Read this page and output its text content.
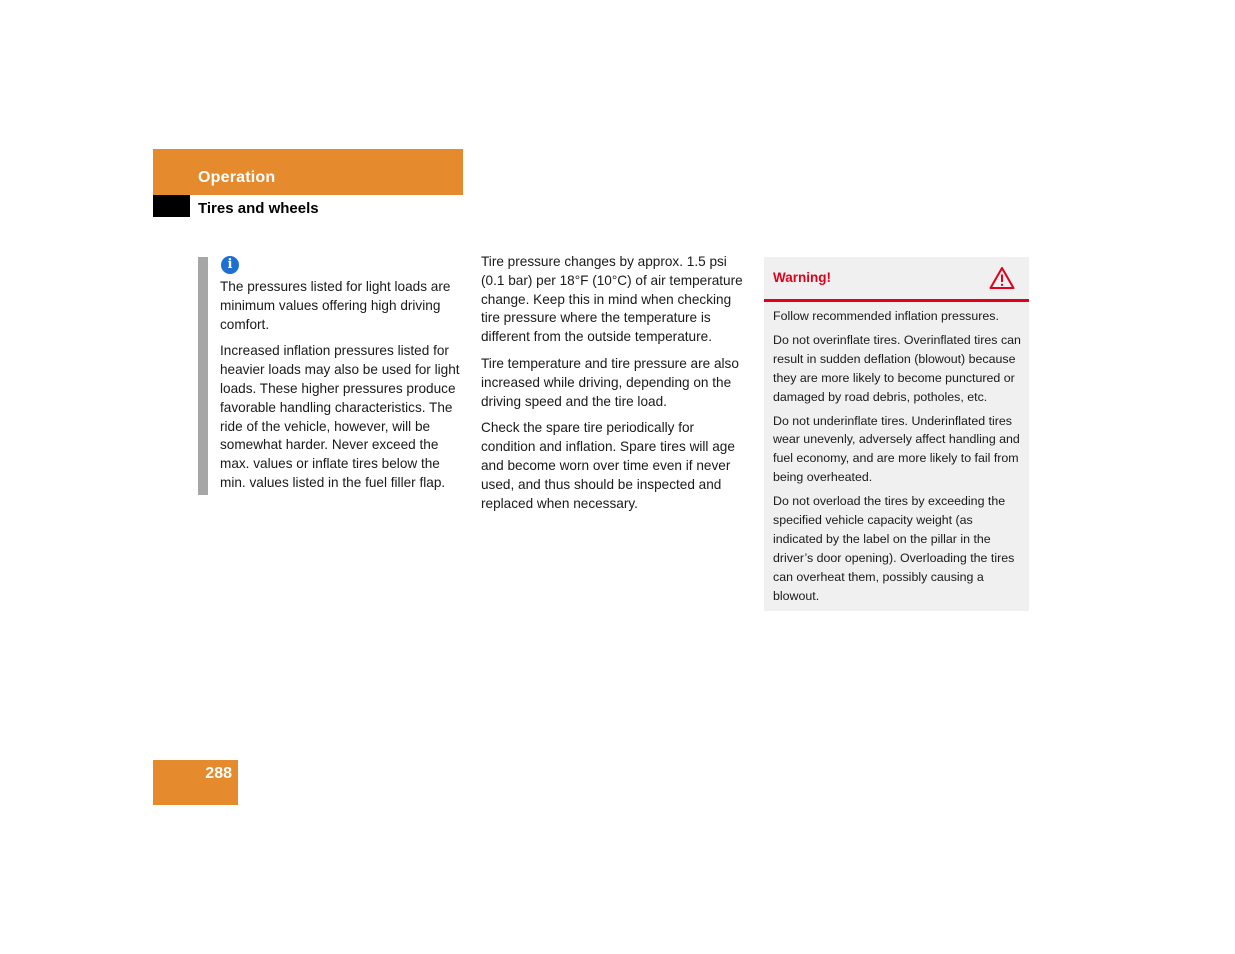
Operation
Tires and wheels
i

The pressures listed for light loads are minimum values offering high driving comfort.

Increased inflation pressures listed for heavier loads may also be used for light loads. These higher pressures produce favorable handling characteristics. The ride of the vehicle, however, will be somewhat harder. Never exceed the max. values or inflate tires below the min. values listed in the fuel filler flap.

Tire pressure changes by approx. 1.5 psi (0.1 bar) per 18°F (10°C) of air temperature change. Keep this in mind when checking tire pressure where the temperature is different from the outside temperature.

Tire temperature and tire pressure are also increased while driving, depending on the driving speed and the tire load.

Check the spare tire periodically for condition and inflation. Spare tires will age and become worn over time even if never used, and thus should be inspected and replaced when necessary.

Warning!

Follow recommended inflation pressures.

Do not overinflate tires. Overinflated tires can result in sudden deflation (blowout) because they are more likely to become punctured or damaged by road debris, potholes, etc.

Do not underinflate tires. Underinflated tires wear unevenly, adversely affect handling and fuel economy, and are more likely to fail from being overheated.

Do not overload the tires by exceeding the specified vehicle capacity weight (as indicated by the label on the pillar in the driver’s door opening). Overloading the tires can overheat them, possibly causing a blowout.

288
